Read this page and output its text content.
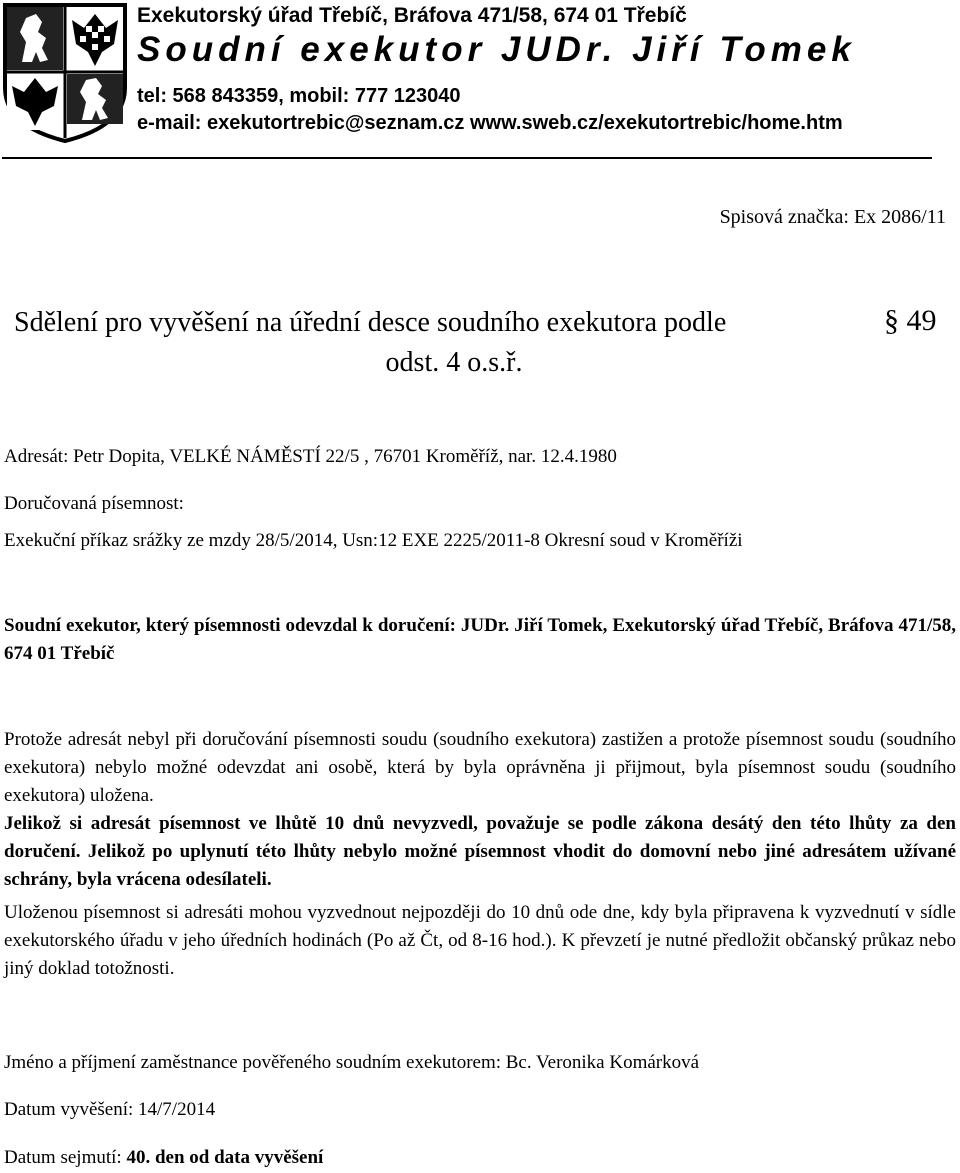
Exekutorský úřad Třebíč, Bráfova 471/58, 674 01 Třebíč
Soudní exekutor JUDr. Jiří Tomek
tel: 568 843359, mobil: 777 123040
e-mail: exekutortrebic@seznam.cz www.sweb.cz/exekutortrebic/home.htm
Spisová značka: Ex 2086/11
Sdělení pro vyvěšení na úřední desce soudního exekutora podle	§ 49
odst. 4 o.s.ř.
Adresát: Petr Dopita, VELKÉ NÁMĚSTÍ 22/5 , 76701 Kroměříž, nar. 12.4.1980
Doručovaná písemnost:
Exekuční příkaz srážky ze mzdy 28/5/2014, Usn:12 EXE 2225/2011-8 Okresní soud v Kroměříži
Soudní exekutor, který písemnosti odevzdal k doručení: JUDr. Jiří Tomek, Exekutorský úřad Třebíč, Bráfova 471/58, 674 01 Třebíč
Protože adresát nebyl při doručování písemnosti soudu (soudního exekutora) zastižen a protože písemnost soudu (soudního exekutora) nebylo možné odevzdat ani osobě, která by byla oprávněna ji přijmout, byla písemnost soudu (soudního exekutora) uložena.
Jelikož si adresát písemnost ve lhůtě 10 dnů nevyzvedl, považuje se podle zákona desátý den této lhůty za den doručení. Jelikož po uplynutí této lhůty nebylo možné písemnost vhodit do domovní nebo jiné adresátem užívané schrány, byla vrácena odesílateli.
Uloženou písemnost si adresáti mohou vyzvednout nejpozději do 10 dnů ode dne, kdy byla připravena k vyzvednutí v sídle exekutorského úřadu v jeho úředních hodinách (Po až Čt, od 8-16 hod.). K převzetí je nutné předložit občanský průkaz nebo jiný doklad totožnosti.
Jméno a příjmení zaměstnance pověřeného soudním exekutorem: Bc. Veronika Komárková
Datum vyvěšení: 14/7/2014
Datum sejmutí: 40. den od data vyvěšení
